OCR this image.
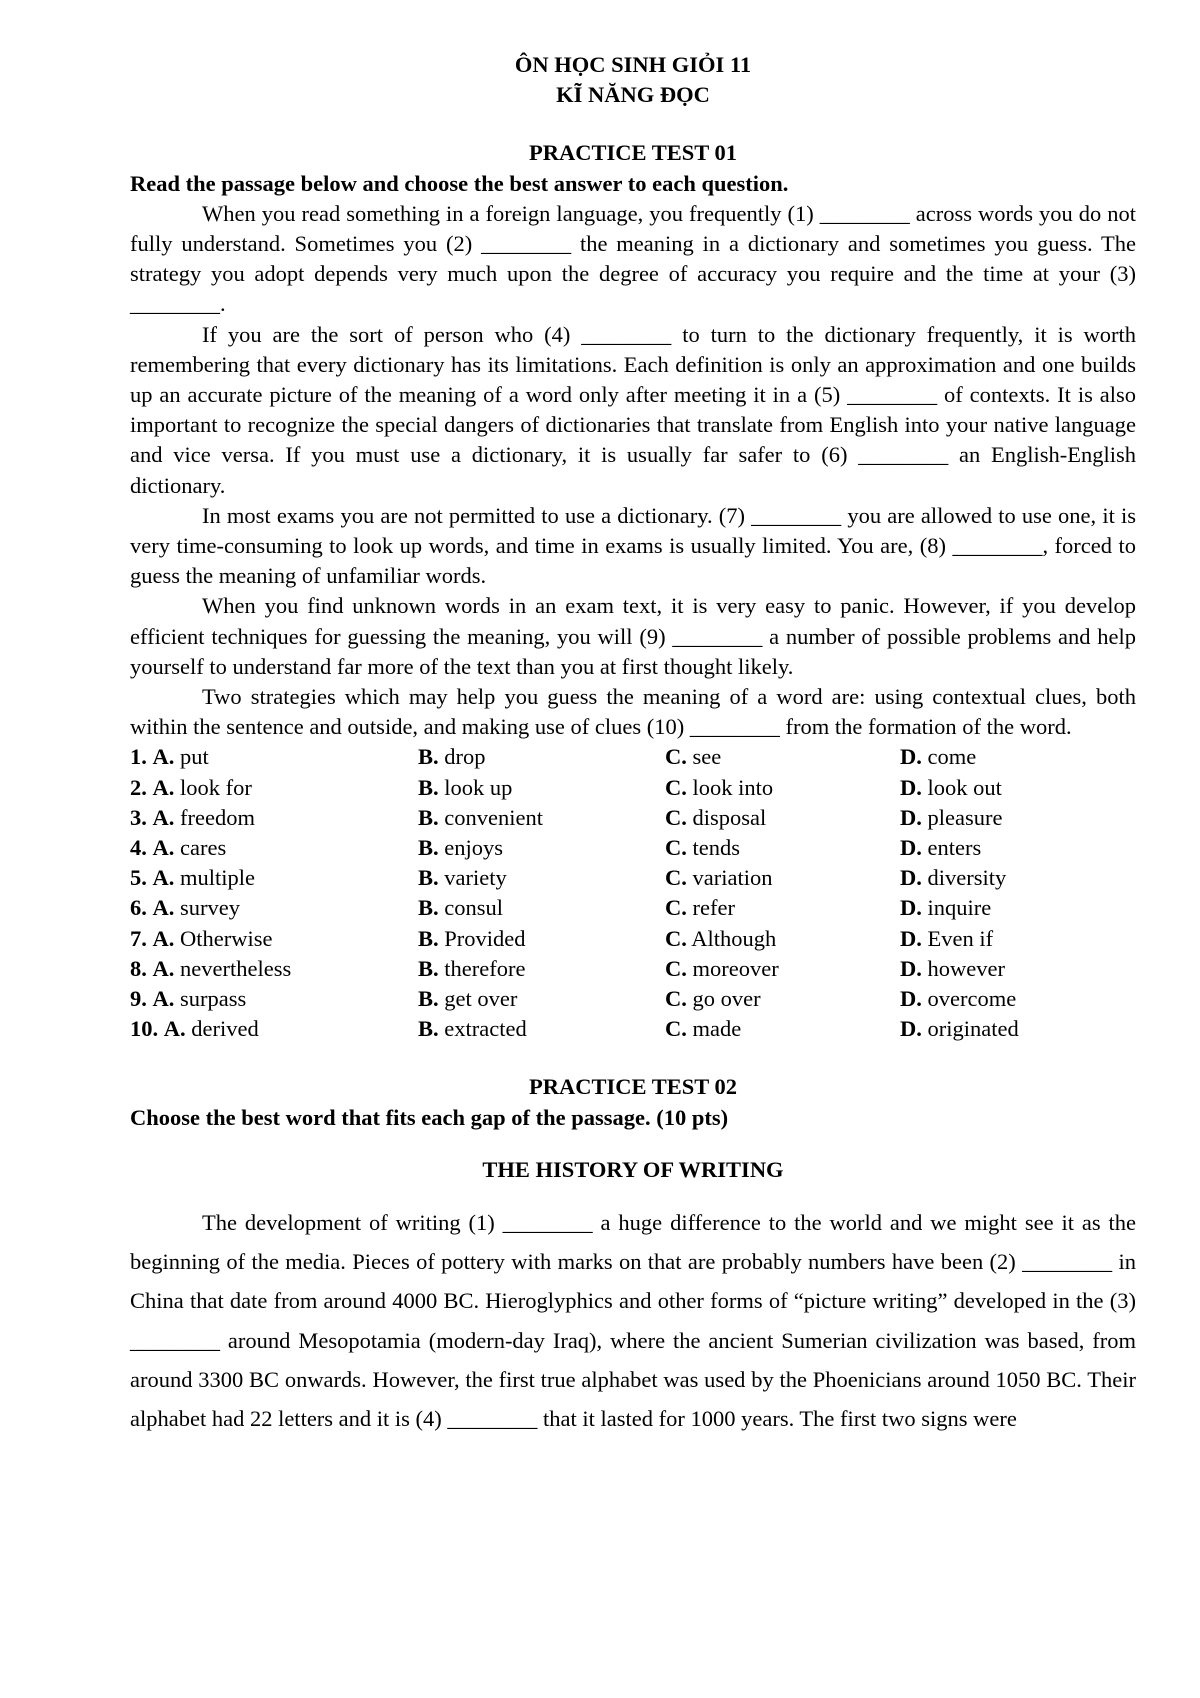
ÔN HỌC SINH GIỎI 11

KĨ NĂNG ĐỌC

PRACTICE TEST 01

Read the passage below and choose the best answer to each question.

When you read something in a foreign language, you frequently (1) ________ across words you do not fully understand. Sometimes you (2) ________ the meaning in a dictionary and sometimes you guess. The strategy you adopt depends very much upon the degree of accuracy you require and the time at your (3) ________.

If you are the sort of person who (4) ________ to turn to the dictionary frequently, it is worth remembering that every dictionary has its limitations. Each definition is only an approximation and one builds up an accurate picture of the meaning of a word only after meeting it in a (5) ________ of contexts. It is also important to recognize the special dangers of dictionaries that translate from English into your native language and vice versa. If you must use a dictionary, it is usually far safer to (6) ________ an English-English dictionary.

In most exams you are not permitted to use a dictionary. (7) ________ you are allowed to use one, it is very time-consuming to look up words, and time in exams is usually limited. You are, (8) ________, forced to guess the meaning of unfamiliar words.

When you find unknown words in an exam text, it is very easy to panic. However, if you develop efficient techniques for guessing the meaning, you will (9) ________ a number of possible problems and help yourself to understand far more of the text than you at first thought likely.

Two strategies which may help you guess the meaning of a word are: using contextual clues, both within the sentence and outside, and making use of clues (10) ________ from the formation of the word.

1. A. put	B. drop	C. see	D. come
2. A. look for	B. look up	C. look into	D. look out
3. A. freedom	B. convenient	C. disposal	D. pleasure
4. A. cares	B. enjoys	C. tends	D. enters
5. A. multiple	B. variety	C. variation	D. diversity
6. A. survey	B. consul	C. refer	D. inquire
7. A. Otherwise	B. Provided	C. Although	D. Even if
8. A. nevertheless	B. therefore	C. moreover	D. however
9. A. surpass	B. get over	C. go over	D. overcome
10. A. derived	B. extracted	C. made	D. originated

PRACTICE TEST 02

Choose the best word that fits each gap of the passage. (10 pts)

THE HISTORY OF WRITING

The development of writing (1) ________ a huge difference to the world and we might see it as the beginning of the media. Pieces of pottery with marks on that are probably numbers have been (2) ________ in China that date from around 4000 BC. Hieroglyphics and other forms of “picture writing” developed in the (3) ________ around Mesopotamia (modern-day Iraq), where the ancient Sumerian civilization was based, from around 3300 BC onwards. However, the first true alphabet was used by the Phoenicians around 1050 BC. Their alphabet had 22 letters and it is (4) ________ that it lasted for 1000 years. The first two signs were
